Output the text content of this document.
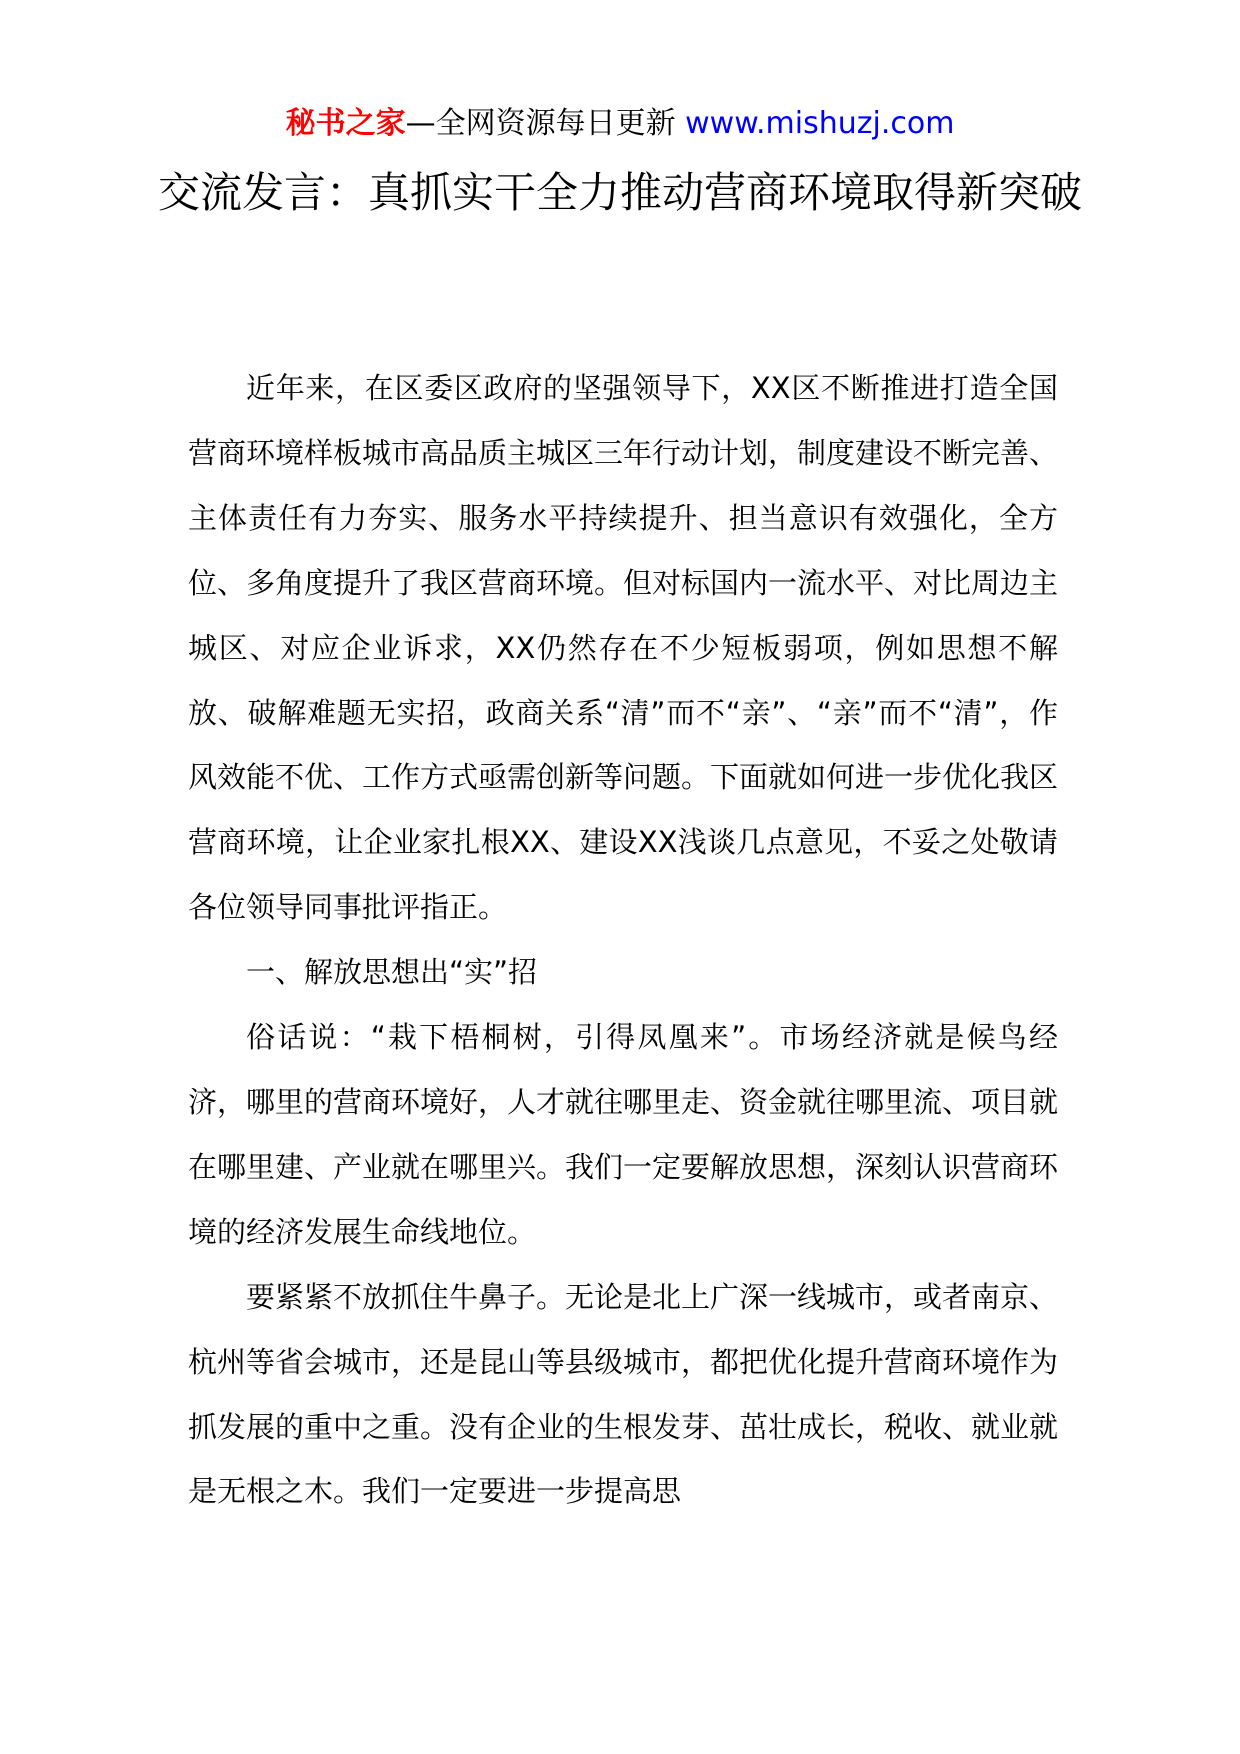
秘书之家—全网资源每日更新 www.mishuzj.com
交流发言：真抓实干全力推动营商环境取得新突破

近年来，在区委区政府的坚强领导下，XX区不断推进打造全国营商环境样板城市高品质主城区三年行动计划，制度建设不断完善、主体责任有力夯实、服务水平持续提升、担当意识有效强化，全方位、多角度提升了我区营商环境。但对标国内一流水平、对比周边主城区、对应企业诉求，XX仍然存在不少短板弱项，例如思想不解放、破解难题无实招，政商关系“清”而不“亲”、“亲”而不“清”，作风效能不优、工作方式亟需创新等问题。下面就如何进一步优化我区营商环境，让企业家扎根XX、建设XX浅谈几点意见，不妥之处敬请各位领导同事批评指正。

一、解放思想出“实”招

俗话说：“栽下梧桐树，引得凤凰来”。市场经济就是候鸟经济，哪里的营商环境好，人才就往哪里走、资金就往哪里流、项目就在哪里建、产业就在哪里兴。我们一定要解放思想，深刻认识营商环境的经济发展生命线地位。

要紧紧不放抓住牛鼻子。无论是北上广深一线城市，或者南京、杭州等省会城市，还是昆山等县级城市，都把优化提升营商环境作为抓发展的重中之重。没有企业的生根发芽、茁壮成长，税收、就业就是无根之木。我们一定要进一步提高思
